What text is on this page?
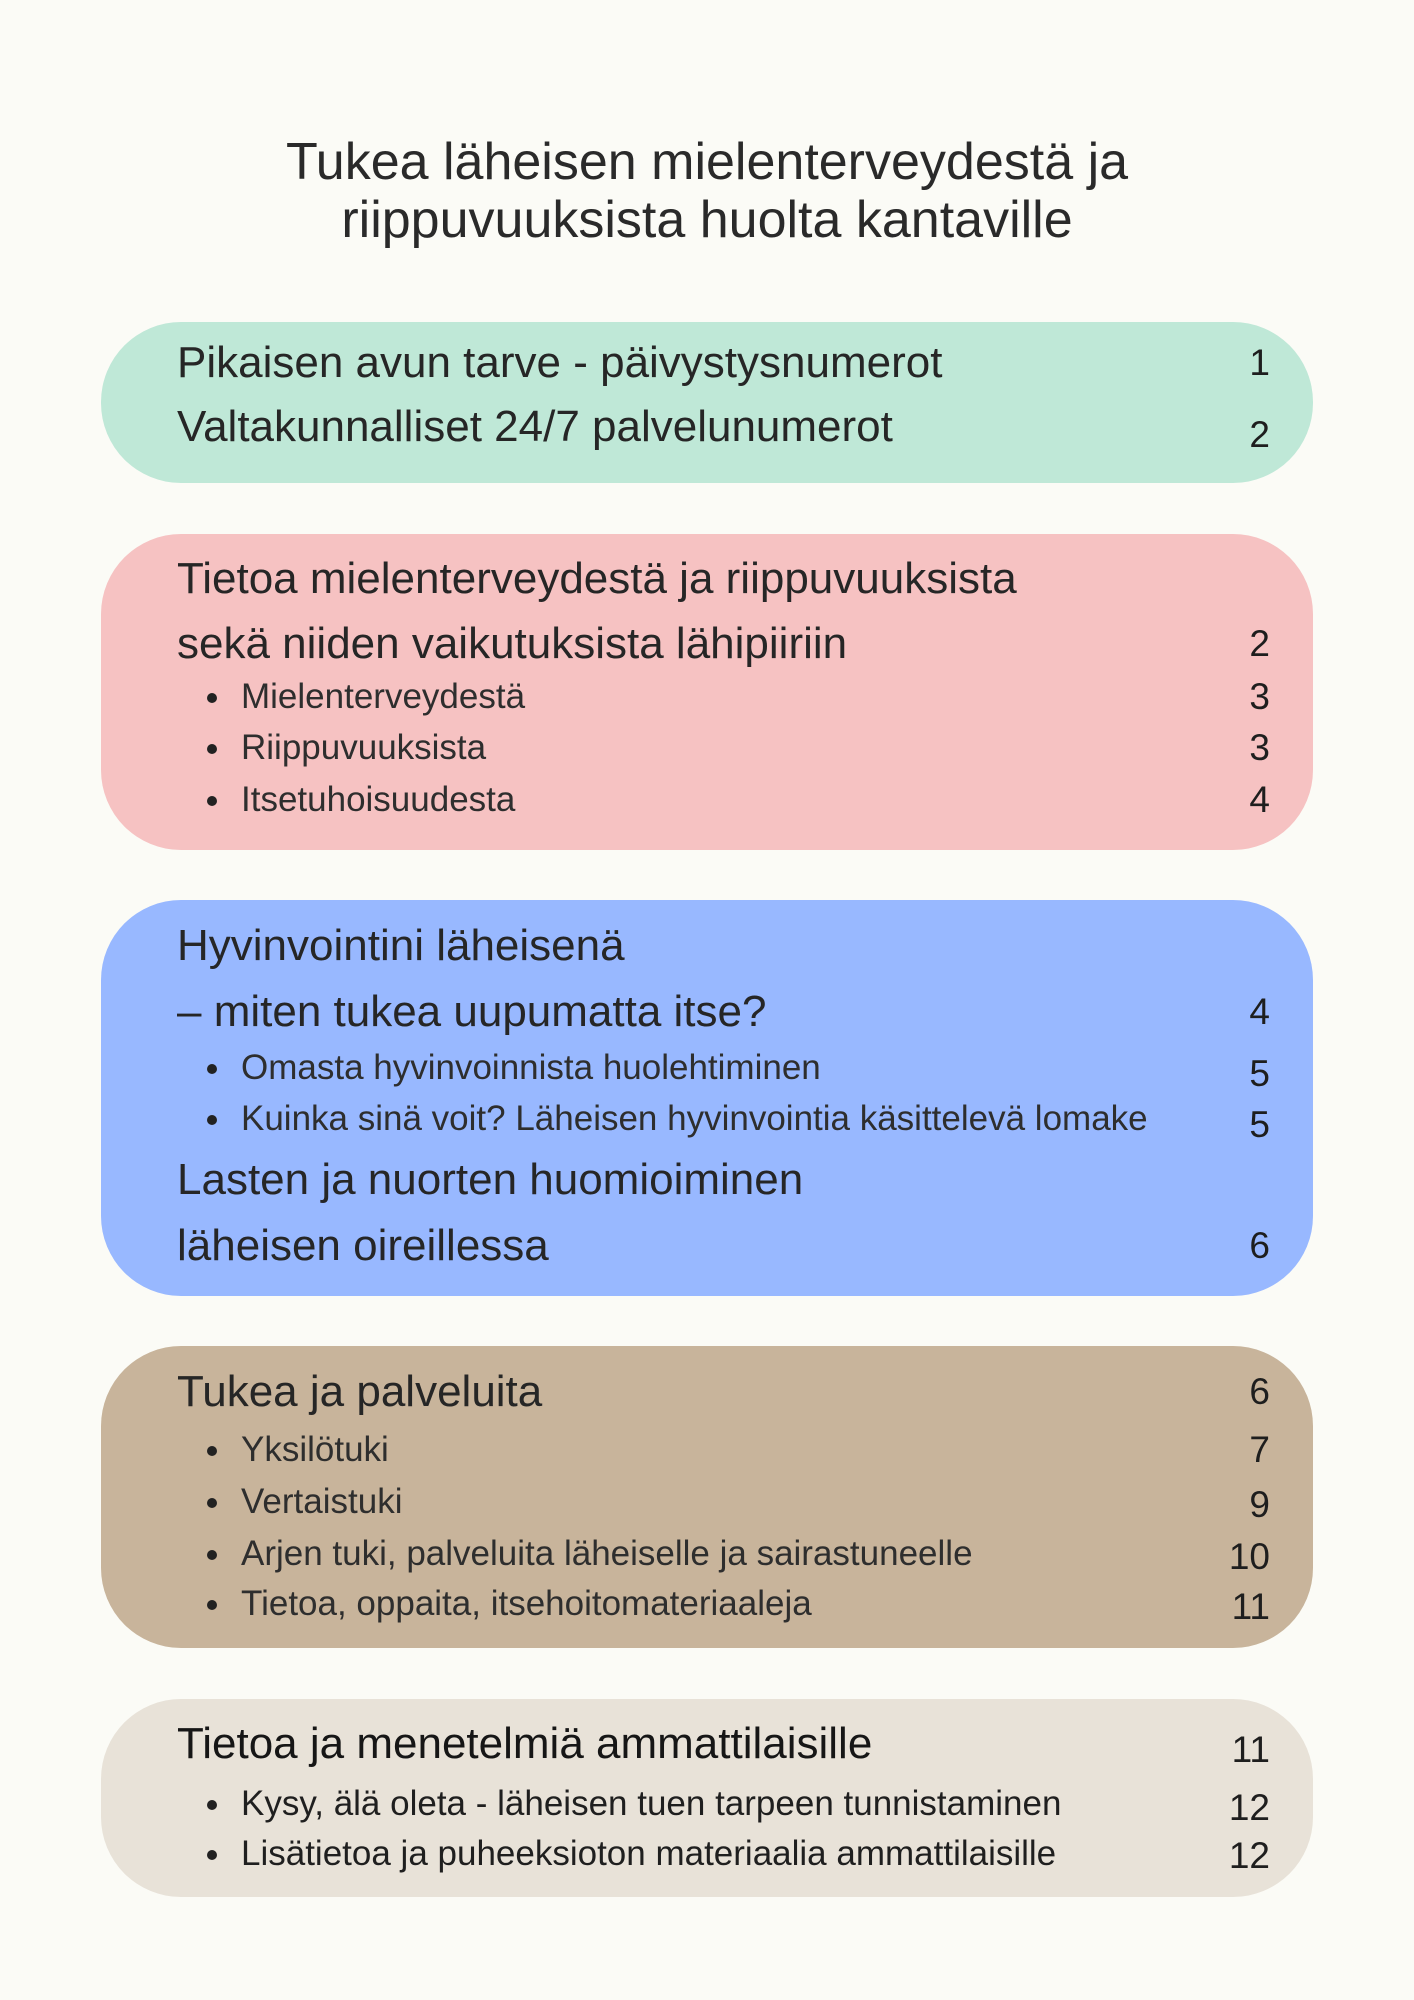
Tukea läheisen mielenterveydestä ja
riippuvuuksista huolta kantaville
Pikaisen avun tarve - päivystysnumerot	1
Valtakunnalliset 24/7 palvelunumerot	2
Tietoa mielenterveydestä ja riippuvuuksista
sekä niiden vaikutuksista lähipiiriin	2
Mielenterveydestä	3
Riippuvuuksista	3
Itsetuhoisuudesta	4
Hyvinvointini läheisenä
– miten tukea uupumatta itse?	4
Omasta hyvinvoinnista huolehtiminen	5
Kuinka sinä voit? Läheisen hyvinvointia käsittelevä lomake	5
Lasten ja nuorten huomioiminen
läheisen oireillessa	6
Tukea ja palveluita	6
Yksilötuki	7
Vertaistuki	9
Arjen tuki, palveluita läheiselle ja sairastuneelle	10
Tietoa, oppaita, itsehoitomateriaaleja	11
Tietoa ja menetelmiä ammattilaisille	11
Kysy, älä oleta - läheisen tuen tarpeen tunnistaminen	12
Lisätietoa ja puheeksioton materiaalia ammattilaisille	12
